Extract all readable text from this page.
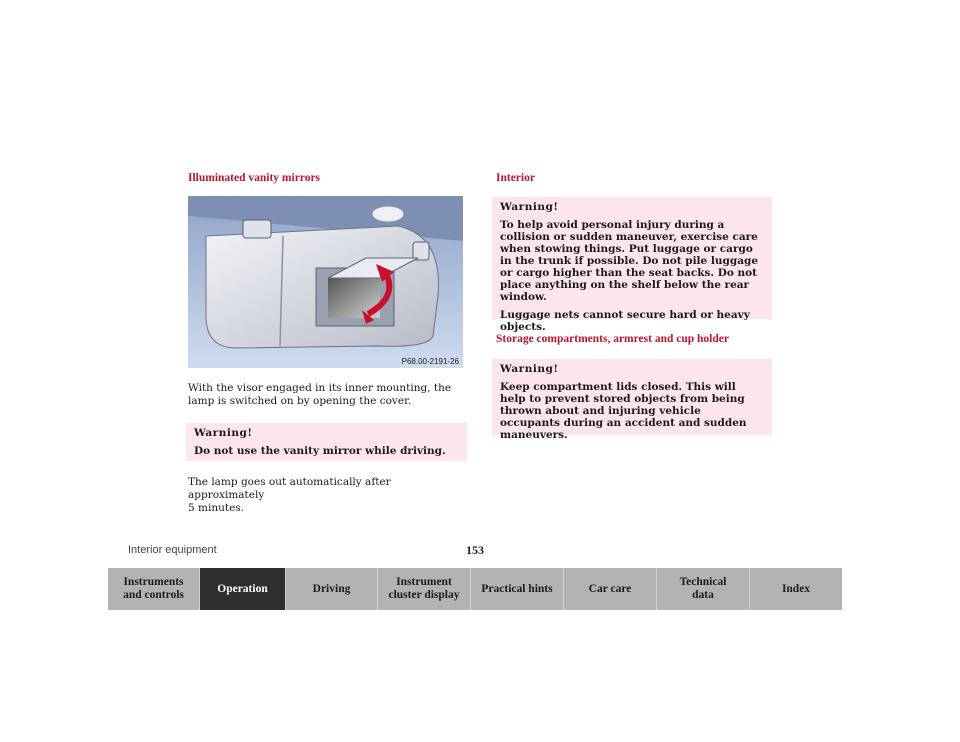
Illuminated vanity mirrors
P68.00-2191-26
With the visor engaged in its inner mounting, the lamp is switched on by opening the cover.
Warning!
Do not use the vanity mirror while driving.
The lamp goes out automatically after approximately
5 minutes.
Interior
Warning!

To help avoid personal injury during a collision or sudden maneuver, exercise care when stowing things. Put luggage or cargo in the trunk if possible. Do not pile luggage or cargo higher than the seat backs. Do not place anything on the shelf below the rear window.

Luggage nets cannot secure hard or heavy objects.

Storage compartments, armrest and cup holder
Warning!

Keep compartment lids closed. This will help to prevent stored objects from being thrown about and injuring vehicle occupants during an accident and sudden maneuvers.

Interior equipment	153
Instruments
and controls
Operation	Driving
Instrument
cluster display
Practical hints	Car care
Technical
data
Index
